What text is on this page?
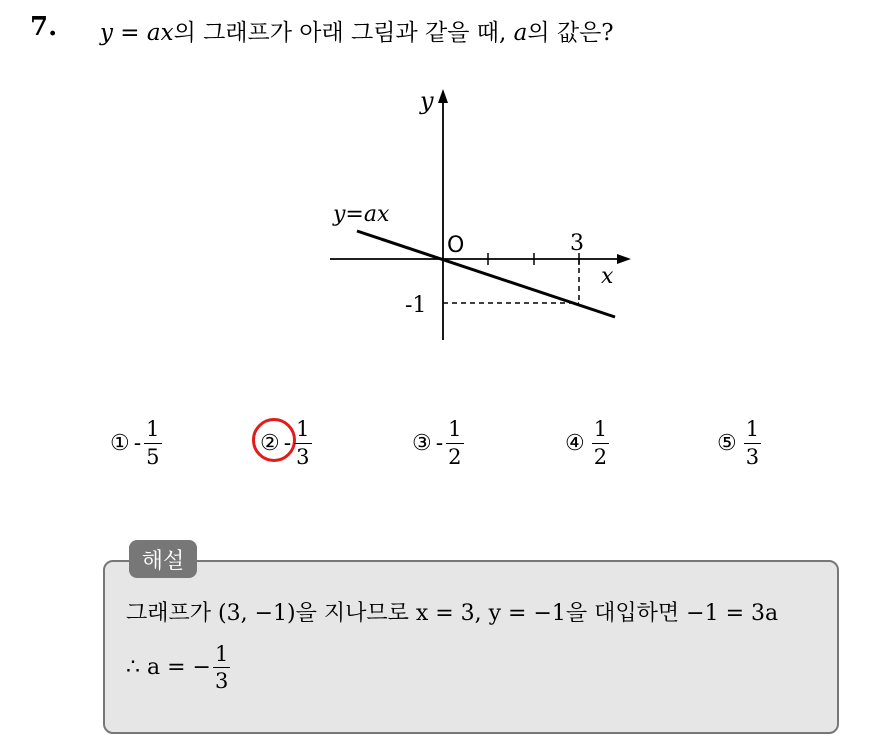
7. y = ax의 그래프가 아래 그림과 같을 때, a의 값은?
y
x
O	3
-1
y=ax
① - $\frac{1}{5}$	② - $\frac{1}{3}$	③ - $\frac{1}{2}$	④ $\frac{1}{2}$	⑤ $\frac{1}{3}$
해설
그래프가 (3, −1)을 지나므로 x = 3, y = −1을 대입하면 −1 = 3a
∴ a = − $\frac{1}{3}$
